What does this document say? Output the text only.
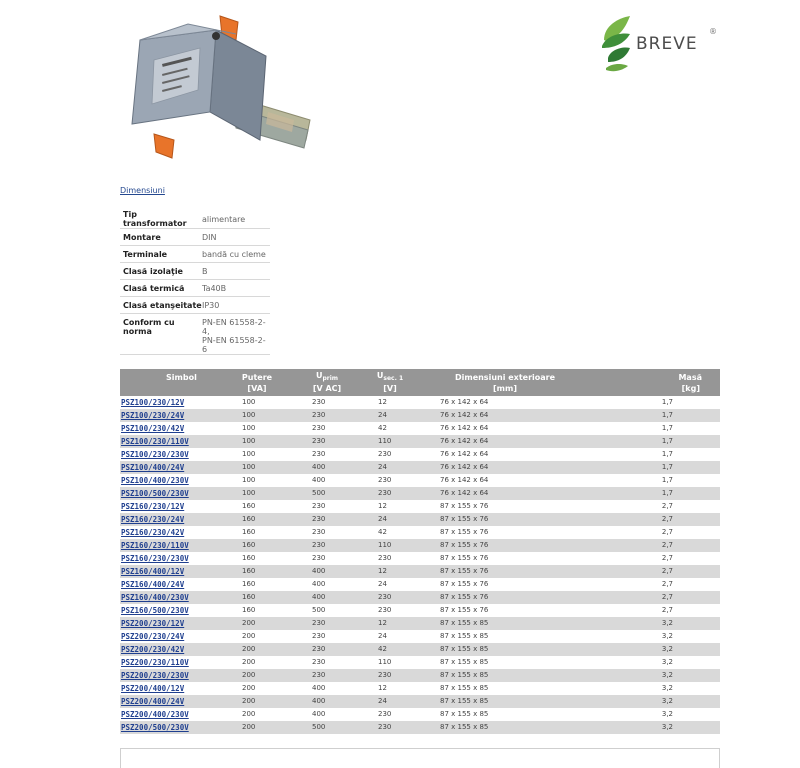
BREVE
®
Dimensiuni
Tip transformator	alimentare
Montare	DIN
Terminale	bandă cu cleme
Clasă izolaţie	B
Clasă termică	Ta40B
Clasă etanşeitate	IP30
Conform cu norma	PN-EN 61558-2-4,
PN-EN 61558-2-6
Simbol	Putere	$U_{prim}$	$U_{sec. 1}$	Dimensiuni exterioare	Masă
	[VA]	[V AC]	[V]	[mm]	[kg]
PSZ100/230/12V	100	230	12	76 x 142 x 64	1,7
PSZ100/230/24V	100	230	24	76 x 142 x 64	1,7
PSZ100/230/42V	100	230	42	76 x 142 x 64	1,7
PSZ100/230/110V	100	230	110	76 x 142 x 64	1,7
PSZ100/230/230V	100	230	230	76 x 142 x 64	1,7
PSZ100/400/24V	100	400	24	76 x 142 x 64	1,7
PSZ100/400/230V	100	400	230	76 x 142 x 64	1,7
PSZ100/500/230V	100	500	230	76 x 142 x 64	1,7
PSZ160/230/12V	160	230	12	87 x 155 x 76	2,7
PSZ160/230/24V	160	230	24	87 x 155 x 76	2,7
PSZ160/230/42V	160	230	42	87 x 155 x 76	2,7
PSZ160/230/110V	160	230	110	87 x 155 x 76	2,7
PSZ160/230/230V	160	230	230	87 x 155 x 76	2,7
PSZ160/400/12V	160	400	12	87 x 155 x 76	2,7
PSZ160/400/24V	160	400	24	87 x 155 x 76	2,7
PSZ160/400/230V	160	400	230	87 x 155 x 76	2,7
PSZ160/500/230V	160	500	230	87 x 155 x 76	2,7
PSZ200/230/12V	200	230	12	87 x 155 x 85	3,2
PSZ200/230/24V	200	230	24	87 x 155 x 85	3,2
PSZ200/230/42V	200	230	42	87 x 155 x 85	3,2
PSZ200/230/110V	200	230	110	87 x 155 x 85	3,2
PSZ200/230/230V	200	230	230	87 x 155 x 85	3,2
PSZ200/400/12V	200	400	12	87 x 155 x 85	3,2
PSZ200/400/24V	200	400	24	87 x 155 x 85	3,2
PSZ200/400/230V	200	400	230	87 x 155 x 85	3,2
PSZ200/500/230V	200	500	230	87 x 155 x 85	3,2
